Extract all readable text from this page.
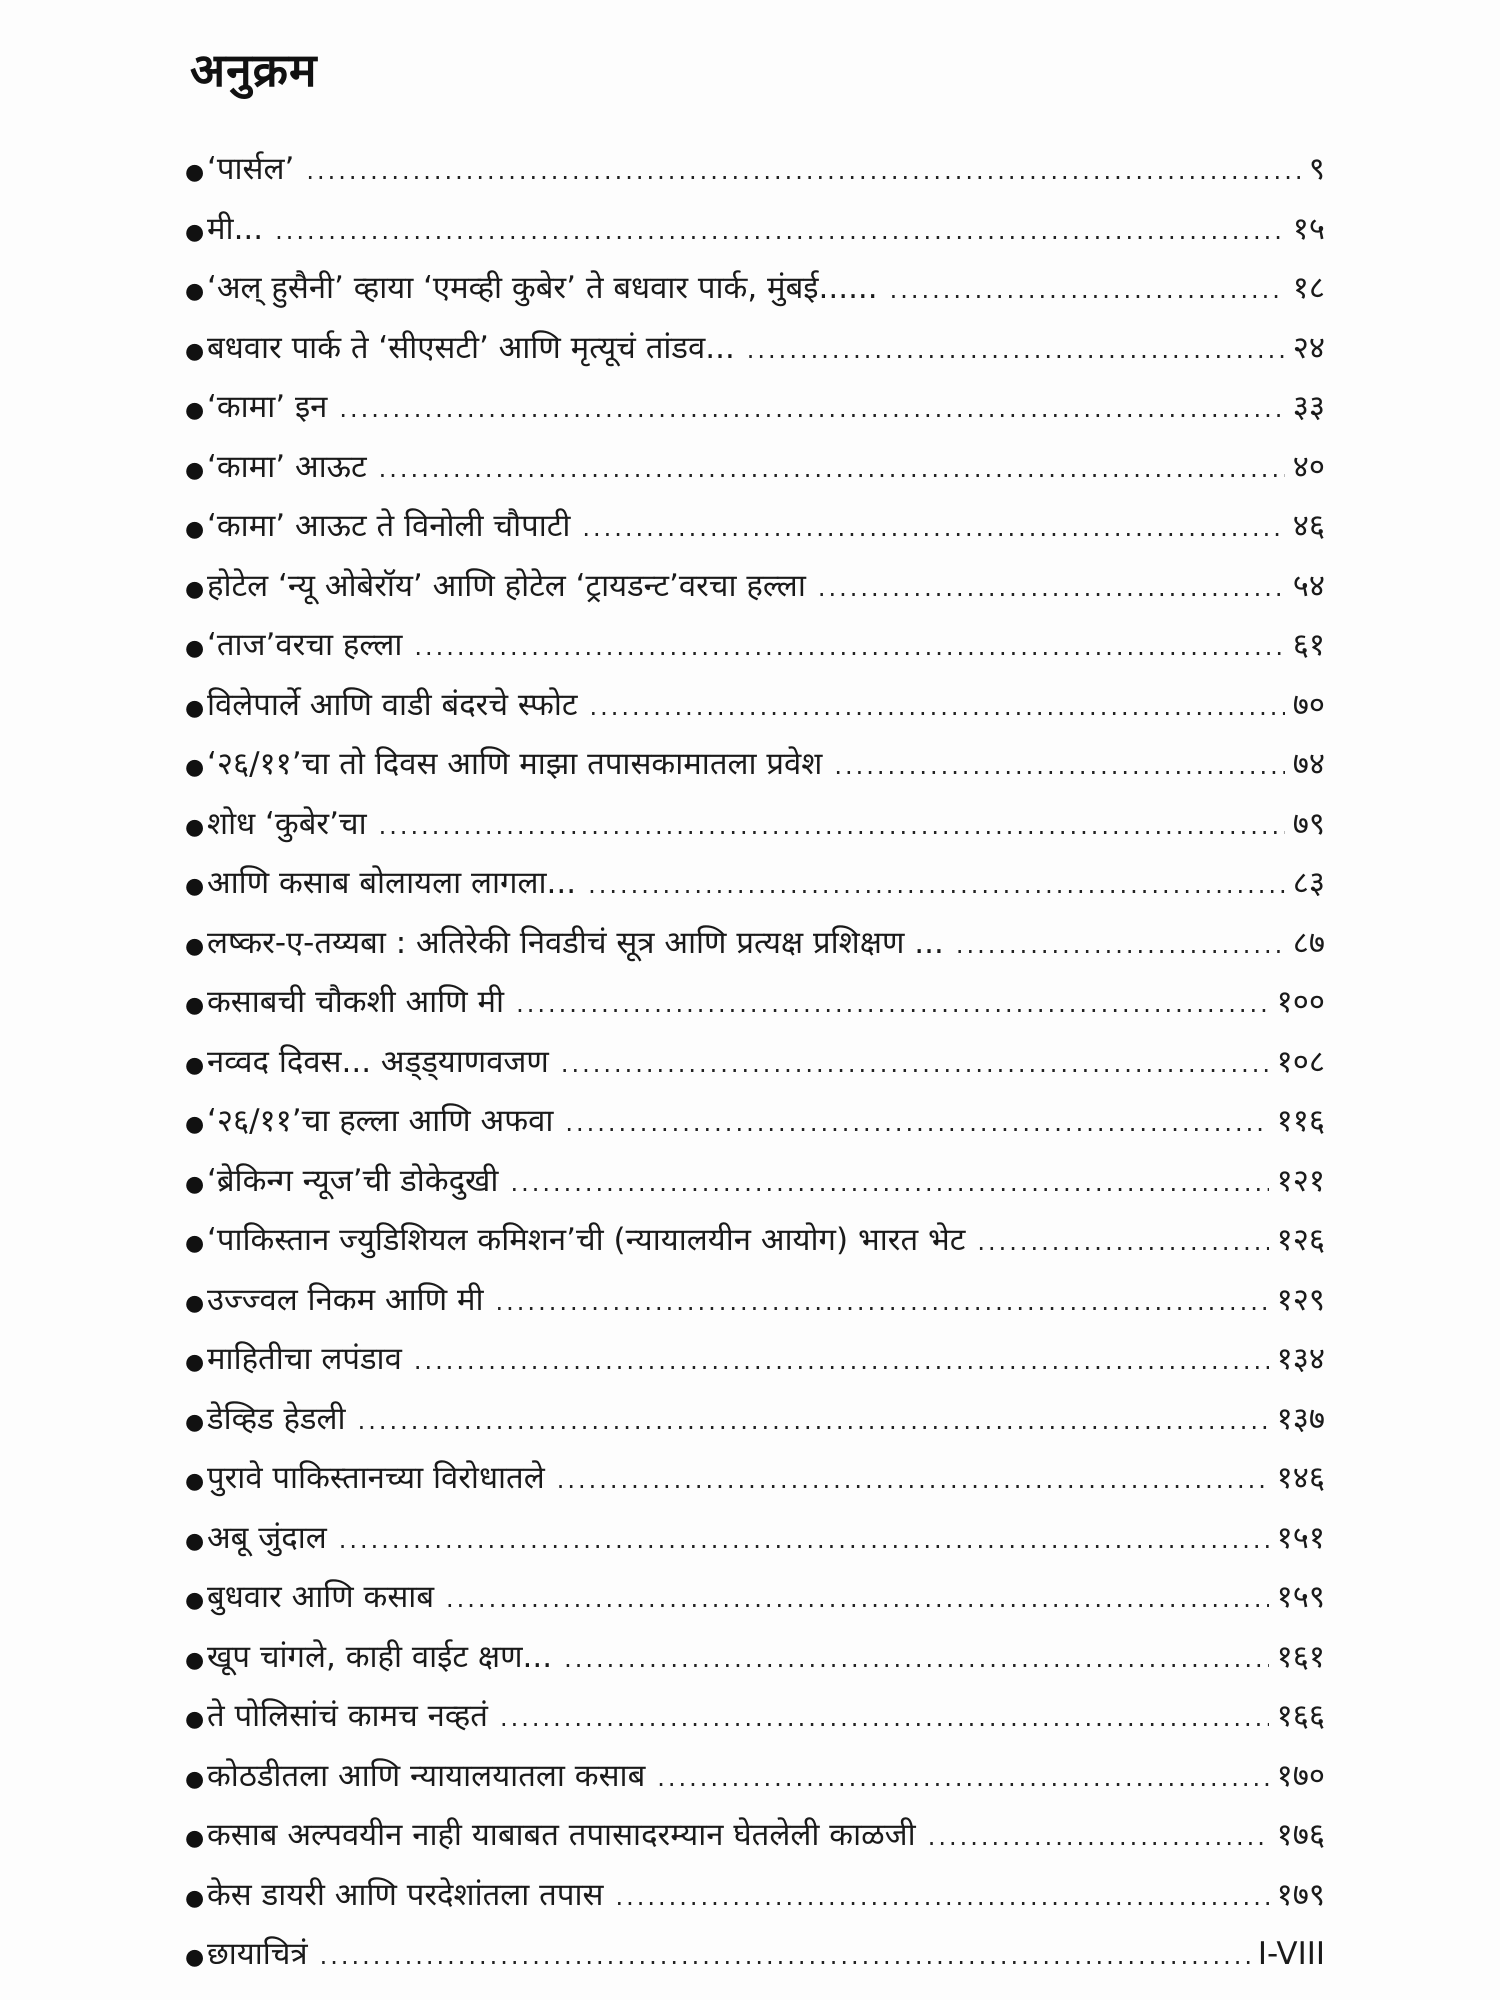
अनुक्रम
● ‘पार्सल’ .....	९
● मी... .....	१५
● ‘अल् हुसैनी’ व्हाया ‘एमव्ही कुबेर’ ते बधवार पार्क, मुंबई...... .....	१८
● बधवार पार्क ते ‘सीएसटी’ आणि मृत्यूचं तांडव... .....	२४
● ‘कामा’ इन .....	३३
● ‘कामा’ आऊट .....	४०
● ‘कामा’ आऊट ते विनोली चौपाटी .....	४६
● होटेल ‘न्यू ओबेरॉय’ आणि होटेल ‘ट्रायडन्ट’वरचा हल्ला .....	५४
● ‘ताज’वरचा हल्ला .....	६१
● विलेपार्ले आणि वाडी बंदरचे स्फोट .....	७०
● ‘२६/११’चा तो दिवस आणि माझा तपासकामातला प्रवेश .....	७४
● शोध ‘कुबेर’चा .....	७९
● आणि कसाब बोलायला लागला... .....	८३
● लष्कर-ए-तय्यबा : अतिरेकी निवडीचं सूत्र आणि प्रत्यक्ष प्रशिक्षण ... .....	८७
● कसाबची चौकशी आणि मी .....	१००
● नव्वद दिवस... अड्ड्याणवजण .....	१०८
● ‘२६/११’चा हल्ला आणि अफवा .....	११६
● ‘ब्रेकिन्ग न्यूज’ची डोकेदुखी .....	१२१
● ‘पाकिस्तान ज्युडिशियल कमिशन’ची (न्यायालयीन आयोग) भारत भेट .....	१२६
● उज्ज्वल निकम आणि मी .....	१२९
● माहितीचा लपंडाव .....	१३४
● डेव्हिड हेडली .....	१३७
● पुरावे पाकिस्तानच्या विरोधातले .....	१४६
● अबू जुंदाल .....	१५१
● बुधवार आणि कसाब .....	१५९
● खूप चांगले, काही वाईट क्षण... .....	१६१
● ते पोलिसांचं कामच नव्हतं .....	१६६
● कोठडीतला आणि न्यायालयातला कसाब .....	१७०
● कसाब अल्पवयीन नाही याबाबत तपासादरम्यान घेतलेली काळजी .....	१७६
● केस डायरी आणि परदेशांतला तपास .....	१७९
● छायाचित्रं .....	I-VIII
